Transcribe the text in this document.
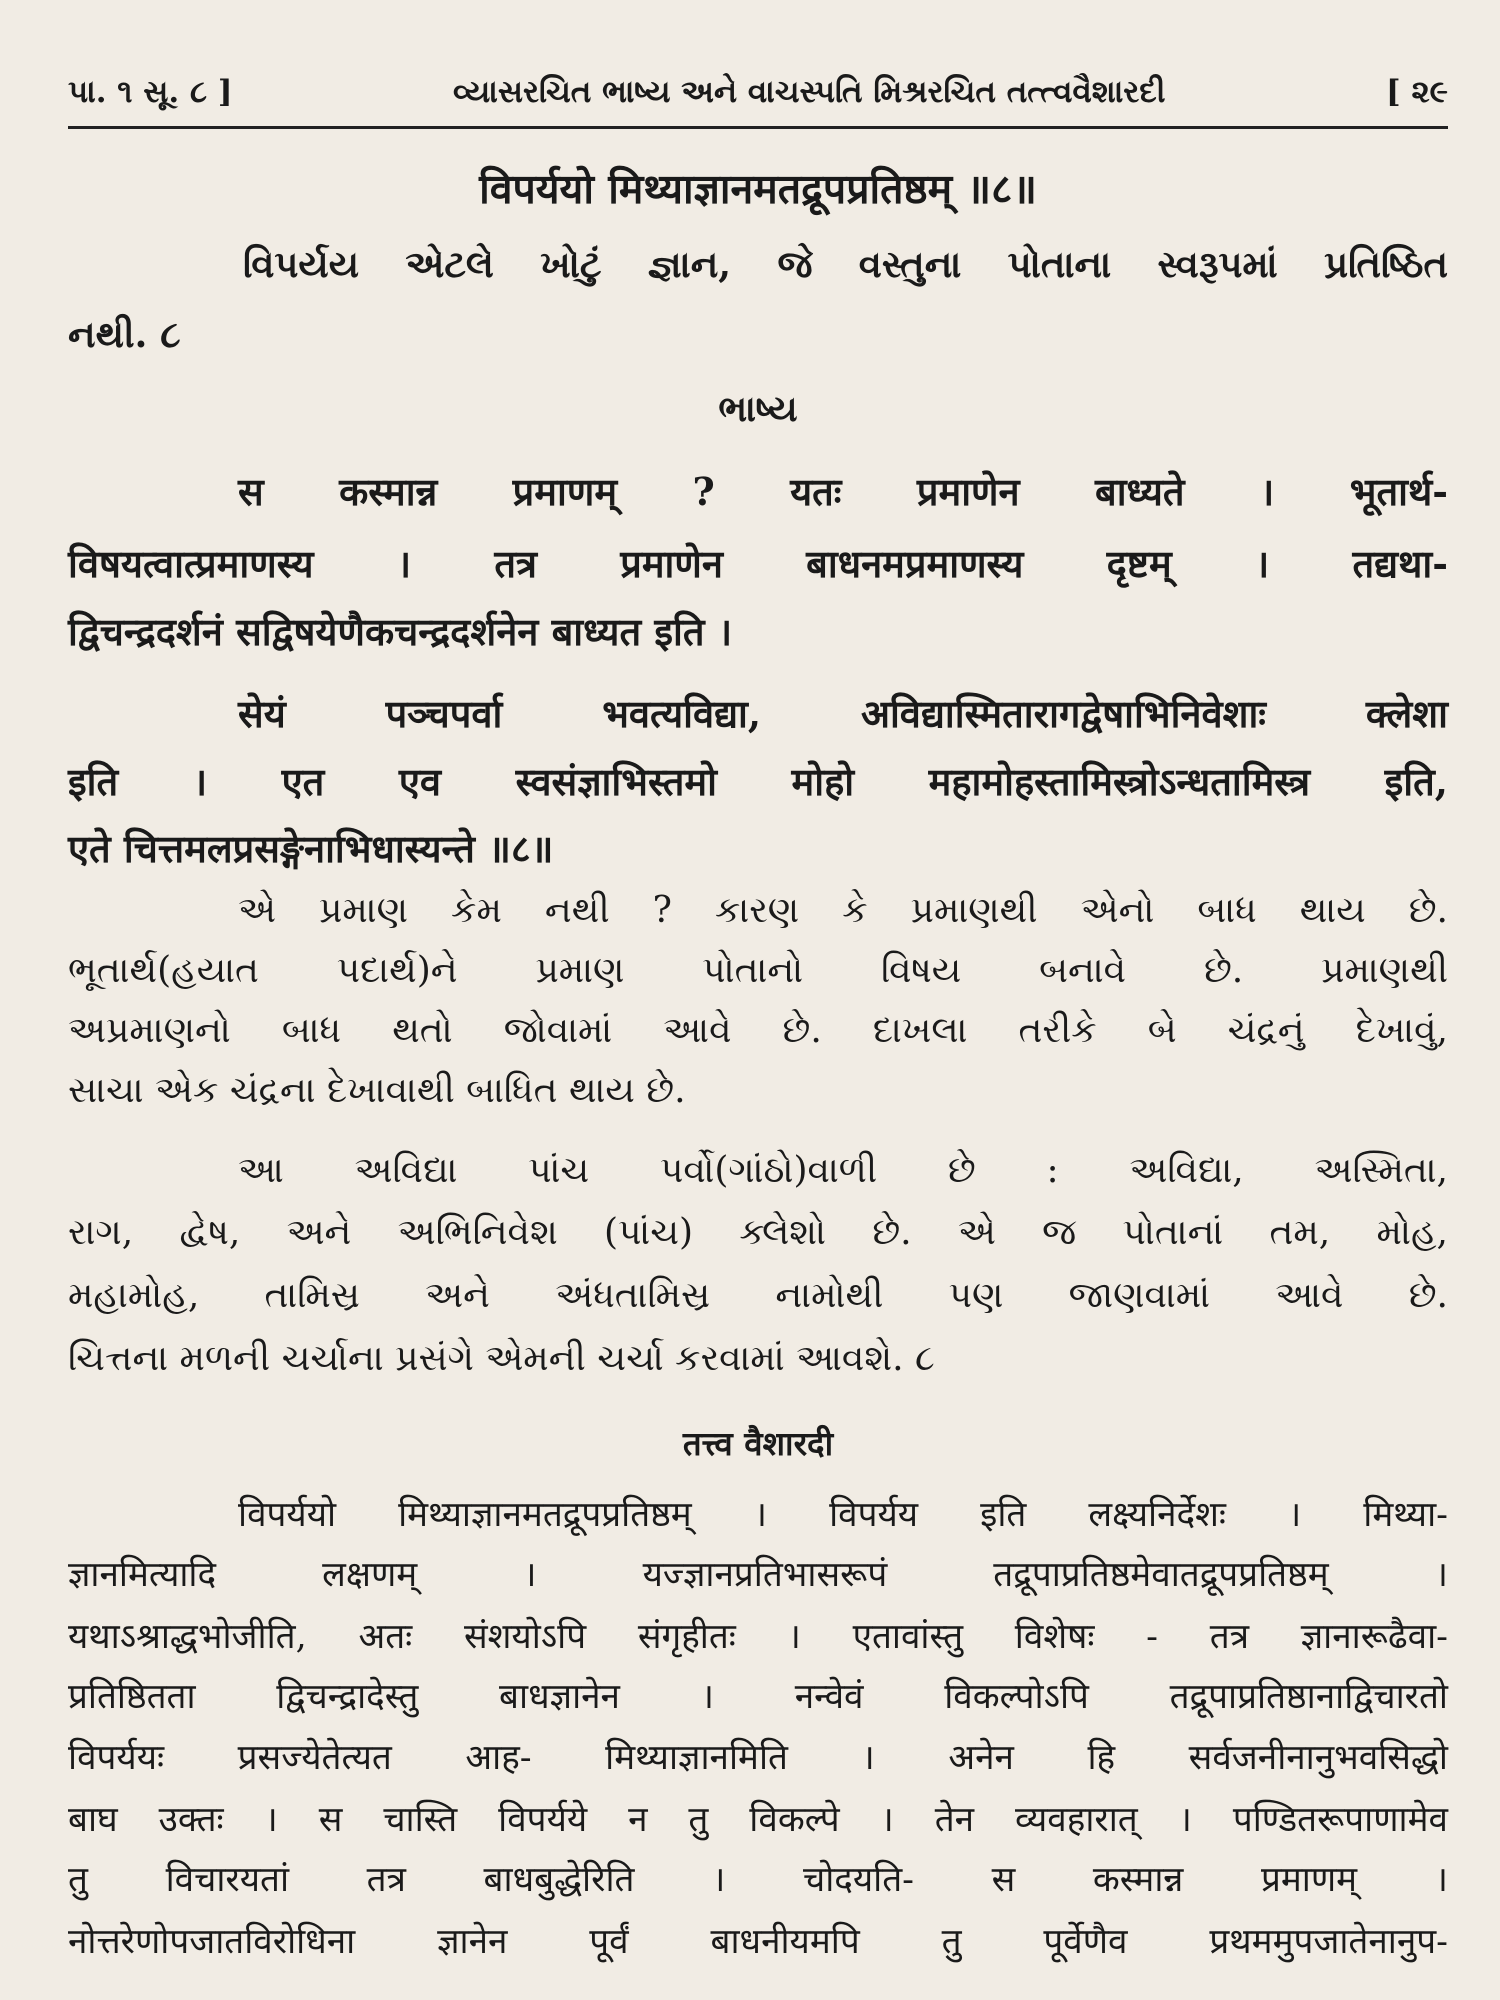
પા. ૧ સૂ. ૮ ]	વ્યાસરચિત ભાષ્ય અને વાચસ્પતિ મિશ્રરચિત તત્ત્વવૈશારદી	[ ૨૯
विपर्ययो मिथ्याज्ञानमतद्रूपप्रतिष्ठम् ॥८॥
વિપર્યય એટલે ખોટું જ્ઞાન, જે વસ્તુના પોતાના સ્વરૂપમાં પ્રતિષ્ઠિત
નથી. ૮
ભાષ્ય
स कस्मान्न प्रमाणम् ? यतः प्रमाणेन बाध्यते । भूतार्थ-
विषयत्वात्प्रमाणस्य । तत्र प्रमाणेन बाधनमप्रमाणस्य दृष्टम् । तद्यथा-
द्विचन्द्रदर्शनं सद्विषयेणैकचन्द्रदर्शनेन बाध्यत इति ।
सेयं पञ्चपर्वा भवत्यविद्या, अविद्यास्मितारागद्वेषाभिनिवेशाः क्लेशा
इति । एत एव स्वसंज्ञाभिस्तमो मोहो महामोहस्तामिस्त्रोऽन्धतामिस्त्र इति,
एते चित्तमलप्रसङ्गेनाभिधास्यन्ते ॥८॥
એ પ્રમાણ કેમ નથી ? કારણ કે પ્રમાણથી એનો બાધ થાય છે.
ભૂતાર્થ(હયાત પદાર્થ)ને પ્રમાણ પોતાનો વિષય બનાવે છે. પ્રમાણથી
અપ્રમાણનો બાધ થતો જોવામાં આવે છે. દાખલા તરીકે બે ચંદ્રનું દેખાવું,
સાચા એક ચંદ્રના દેખાવાથી બાધિત થાય છે.
આ અવિદ્યા પાંચ પર્વો(ગાંઠો)વાળી છે : અવિદ્યા, અસ્મિતા,
રાગ, દ્વેષ, અને અભિનિવેશ (પાંચ) ક્લેશો છે. એ જ પોતાનાં તમ, મોહ,
મહામોહ, તામિસ્ર અને અંધતામિસ્ર નામોથી પણ જાણવામાં આવે છે.
ચિત્તના મળની ચર્ચાના પ્રસંગે એમની ચર્ચા કરવામાં આવશે. ૮
तत्त्व वैशारदी
विपर्ययो मिथ्याज्ञानमतद्रूपप्रतिष्ठम् । विपर्यय इति लक्ष्यनिर्देशः । मिथ्या-
ज्ञानमित्यादि लक्षणम् । यज्ज्ञानप्रतिभासरूपं तद्रूपाप्रतिष्ठमेवातद्रूपप्रतिष्ठम् ।
यथाऽश्राद्धभोजीति, अतः संशयोऽपि संगृहीतः । एतावांस्तु विशेषः - तत्र ज्ञानारूढैवा-
प्रतिष्ठितता द्विचन्द्रादेस्तु बाधज्ञानेन । नन्वेवं विकल्पोऽपि तद्रूपाप्रतिष्ठानाद्विचारतो
विपर्ययः प्रसज्येतेत्यत आह- मिथ्याज्ञानमिति । अनेन हि सर्वजनीनानुभवसिद्धो
बाघ उक्तः । स चास्ति विपर्यये न तु विकल्पे । तेन व्यवहारात् । पण्डितरूपाणामेव
तु विचारयतां तत्र बाधबुद्धेरिति । चोदयति- स कस्मान्न प्रमाणम् ।
नोत्तरेणोपजातविरोधिना ज्ञानेन पूर्वं बाधनीयमपि तु पूर्वेणैव प्रथममुपजातेनानुप-
